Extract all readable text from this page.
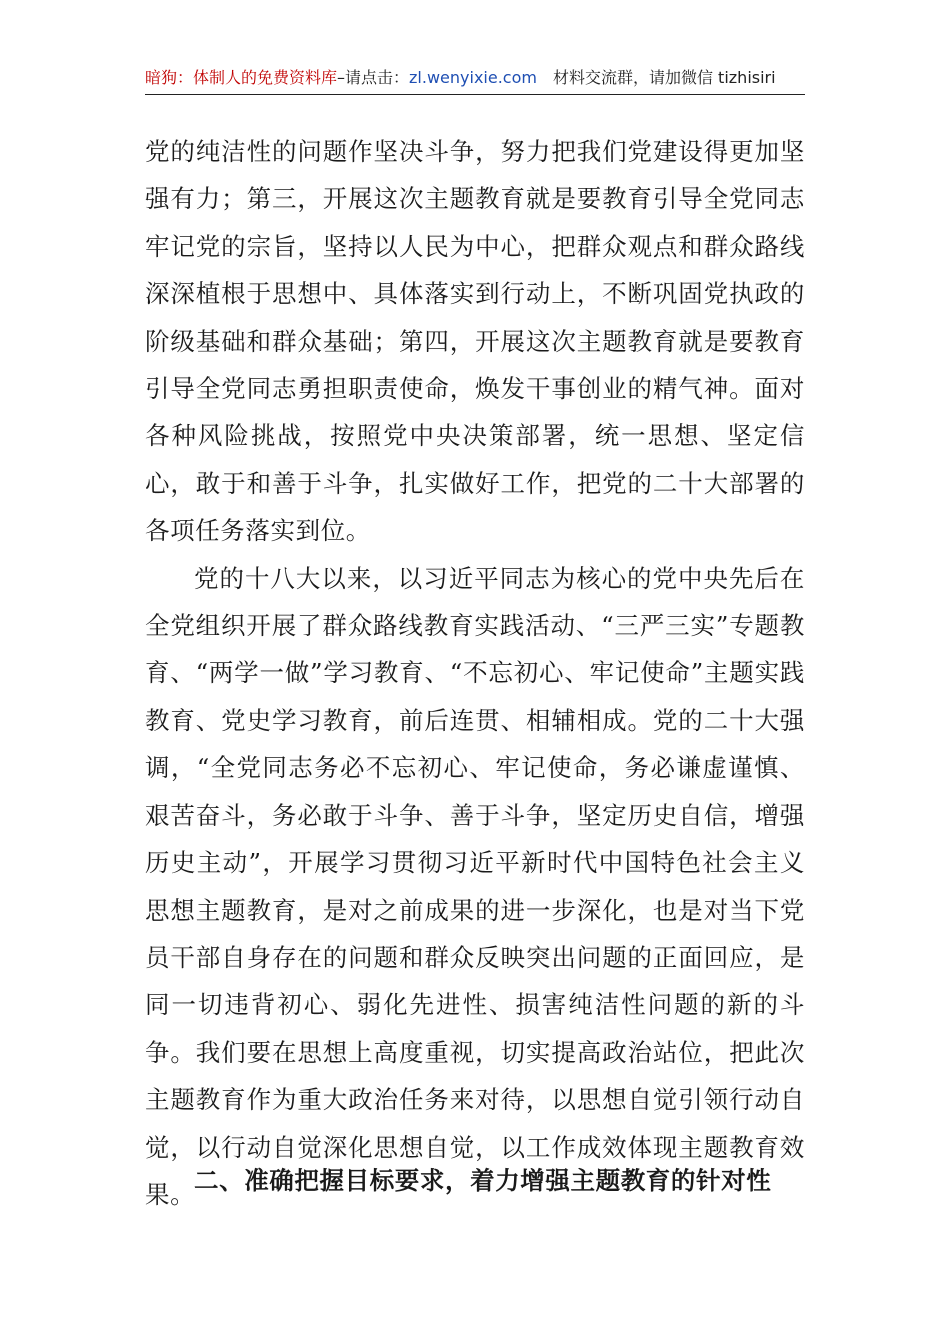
暗狗：体制人的免费资料库–请点击：zl.wenyixie.com 材料交流群，请加微信 tizhisiri

党的纯洁性的问题作坚决斗争，努力把我们党建设得更加坚强有力；第三，开展这次主题教育就是要教育引导全党同志牢记党的宗旨，坚持以人民为中心，把群众观点和群众路线深深植根于思想中、具体落实到行动上，不断巩固党执政的阶级基础和群众基础；第四，开展这次主题教育就是要教育引导全党同志勇担职责使命，焕发干事创业的精气神。面对各种风险挑战，按照党中央决策部署，统一思想、坚定信心，敢于和善于斗争，扎实做好工作，把党的二十大部署的各项任务落实到位。

党的十八大以来，以习近平同志为核心的党中央先后在全党组织开展了群众路线教育实践活动、“三严三实”专题教育、“两学一做”学习教育、“不忘初心、牢记使命”主题实践教育、党史学习教育，前后连贯、相辅相成。党的二十大强调，“全党同志务必不忘初心、牢记使命，务必谦虚谨慎、艰苦奋斗，务必敢于斗争、善于斗争，坚定历史自信，增强历史主动”，开展学习贯彻习近平新时代中国特色社会主义思想主题教育，是对之前成果的进一步深化，也是对当下党员干部自身存在的问题和群众反映突出问题的正面回应，是同一切违背初心、弱化先进性、损害纯洁性问题的新的斗争。我们要在思想上高度重视，切实提高政治站位，把此次主题教育作为重大政治任务来对待，以思想自觉引领行动自觉，以行动自觉深化思想自觉，以工作成效体现主题教育效果。

二、准确把握目标要求，着力增强主题教育的针对性
